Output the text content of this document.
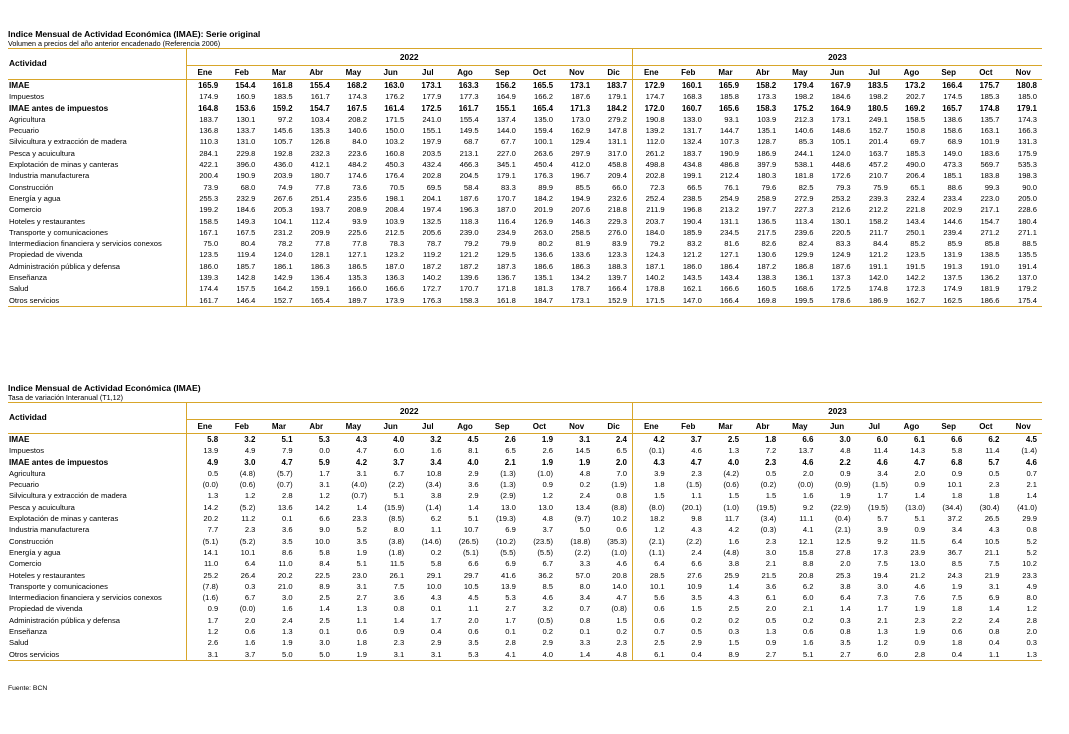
Indice Mensual de Actividad Económica (IMAE): Serie original
Volumen a precios del año anterior encadenado (Referencia 2006)
Actividad	2022												2023										
	Ene	Feb	Mar	Abr	May	Jun	Jul	Ago	Sep	Oct	Nov	Dic	Ene	Feb	Mar	Abr	May	Jun	Jul	Ago	Sep	Oct	Nov
IMAE	165.9	154.4	161.8	155.4	168.2	163.0	173.1	163.3	156.2	165.5	173.1	183.7	172.9	160.1	165.9	158.2	179.4	167.9	183.5	173.2	166.4	175.7	180.8
Impuestos	174.9	160.9	183.5	161.7	174.3	176.2	177.9	177.3	164.9	166.2	187.6	179.1	174.7	168.3	185.8	173.3	198.2	184.6	198.2	202.7	174.5	185.3	185.0
IMAE antes de impuestos	164.8	153.6	159.2	154.7	167.5	161.4	172.5	161.7	155.1	165.4	171.3	184.2	172.0	160.7	165.6	158.3	175.2	164.9	180.5	169.2	165.7	174.8	179.1
Agricultura	183.7	130.1	97.2	103.4	208.2	171.5	241.0	155.4	137.4	135.0	173.0	279.2	190.8	133.0	93.1	103.9	212.3	173.1	249.1	158.5	138.6	135.7	174.3
Pecuario	136.8	133.7	145.6	135.3	140.6	150.0	155.1	149.5	144.0	159.4	162.9	147.8	139.2	131.7	144.7	135.1	140.6	148.6	152.7	150.8	158.6	163.1	166.3
Silvicultura y extracción de madera	110.3	131.0	105.7	126.8	84.0	103.2	197.9	68.7	67.7	100.1	129.4	131.1	112.0	132.4	107.3	128.7	85.3	105.1	201.4	69.7	68.9	101.9	131.3
Pesca y acuicultura	284.1	229.8	192.8	232.3	223.6	160.8	203.5	213.1	227.0	263.6	297.9	317.0	261.2	183.7	190.9	186.9	244.1	124.0	163.7	185.3	149.0	183.6	175.9
Explotación de minas y canteras	422.1	396.0	436.0	412.1	484.2	450.3	432.4	466.3	345.1	450.4	412.0	458.8	498.8	434.8	486.8	397.9	538.1	448.6	457.2	490.0	473.3	569.7	535.3
Industria manufacturera	200.4	190.9	203.9	180.7	174.6	176.4	202.8	204.5	179.1	176.3	196.7	209.4	202.8	199.1	212.4	180.3	181.8	172.6	210.7	206.4	185.1	183.8	198.3
Construcción	73.9	68.0	74.9	77.8	73.6	70.5	69.5	58.4	83.3	89.9	85.5	66.0	72.3	66.5	76.1	79.6	82.5	79.3	75.9	65.1	88.6	99.3	90.0
Energía y agua	255.3	232.9	267.6	251.4	235.6	198.1	204.1	187.6	170.7	184.2	194.9	232.6	252.4	238.5	254.9	258.9	272.9	253.2	239.3	232.4	233.4	223.0	205.0
Comercio	199.2	184.6	205.3	193.7	208.9	208.4	197.4	196.3	187.0	201.9	207.6	218.8	211.9	196.8	213.2	197.7	227.3	212.6	212.2	221.8	202.9	217.1	228.6
Hoteles y restaurantes	158.5	149.3	104.1	112.4	93.9	103.9	132.5	118.3	116.4	126.9	146.3	229.3	203.7	190.4	131.1	136.5	113.4	130.1	158.2	143.4	144.6	154.7	180.4
Transporte y comunicaciones	167.1	167.5	231.2	209.9	225.6	212.5	205.6	239.0	234.9	263.0	258.5	276.0	184.0	185.9	234.5	217.5	239.6	220.5	211.7	250.1	239.4	271.2	271.1
Intermediacion financiera y servicios conexos	75.0	80.4	78.2	77.8	77.8	78.3	78.7	79.2	79.9	80.2	81.9	83.9	79.2	83.2	81.6	82.6	82.4	83.3	84.4	85.2	85.9	85.8	88.5
Propiedad de vivenda	123.5	119.4	124.0	128.1	127.1	123.2	119.2	121.2	129.5	136.6	133.6	123.3	124.3	121.2	127.1	130.6	129.9	124.9	121.2	123.5	131.9	138.5	135.5
Administración pública y defensa	186.0	185.7	186.1	186.3	186.5	187.0	187.2	187.2	187.3	186.6	186.3	188.3	187.1	186.0	186.4	187.2	186.8	187.6	191.1	191.5	191.3	191.0	191.4
Enseñanza	139.3	142.8	142.9	136.4	135.3	136.3	140.2	139.6	136.7	135.1	134.2	139.7	140.2	143.5	143.4	138.3	136.1	137.3	142.0	142.2	137.5	136.2	137.0
Salud	174.4	157.5	164.2	159.1	166.0	166.6	172.7	170.7	171.8	181.3	178.7	166.4	178.8	162.1	166.6	160.5	168.6	172.5	174.8	172.3	174.9	181.9	179.2
Otros servicios	161.7	146.4	152.7	165.4	189.7	173.9	176.3	158.3	161.8	184.7	173.1	152.9	171.5	147.0	166.4	169.8	199.5	178.6	186.9	162.7	162.5	186.6	175.4
Indice Mensual de Actividad Económica (IMAE)
Tasa de variación Interanual (T1,12)
Actividad	2022												2023										
	Ene	Feb	Mar	Abr	May	Jun	Jul	Ago	Sep	Oct	Nov	Dic	Ene	Feb	Mar	Abr	May	Jun	Jul	Ago	Sep	Oct	Nov
IMAE	5.8	3.2	5.1	5.3	4.3	4.0	3.2	4.5	2.6	1.9	3.1	2.4	4.2	3.7	2.5	1.8	6.6	3.0	6.0	6.1	6.6	6.2	4.5
Impuestos	13.9	4.9	7.9	0.0	4.7	6.0	1.6	8.1	6.5	2.6	14.5	6.5	(0.1)	4.6	1.3	7.2	13.7	4.8	11.4	14.3	5.8	11.4	(1.4)
IMAE antes de impuestos	4.9	3.0	4.7	5.9	4.2	3.7	3.4	4.0	2.1	1.9	1.9	2.0	4.3	4.7	4.0	2.3	4.6	2.2	4.6	4.7	6.8	5.7	4.6
Agricultura	0.5	(4.8)	(5.7)	1.7	3.1	6.7	10.8	2.9	(1.3)	(1.0)	4.8	7.0	3.9	2.3	(4.2)	0.5	2.0	0.9	3.4	2.0	0.9	0.5	0.7
Pecuario	(0.0)	(0.6)	(0.7)	3.1	(4.0)	(2.2)	(3.4)	3.6	(1.3)	0.9	0.2	(1.9)	1.8	(1.5)	(0.6)	(0.2)	(0.0)	(0.9)	(1.5)	0.9	10.1	2.3	2.1
Silvicultura y extracción de madera	1.3	1.2	2.8	1.2	(0.7)	5.1	3.8	2.9	(2.9)	1.2	2.4	0.8	1.5	1.1	1.5	1.5	1.6	1.9	1.7	1.4	1.8	1.8	1.4
Pesca y acuicultura	14.2	(5.2)	13.6	14.2	1.4	(15.9)	(1.4)	1.4	13.0	13.0	13.4	(8.8)	(8.0)	(20.1)	(1.0)	(19.5)	9.2	(22.9)	(19.5)	(13.0)	(34.4)	(30.4)	(41.0)
Explotación de minas y canteras	20.2	11.2	0.1	6.6	23.3	(8.5)	6.2	5.1	(19.3)	4.8	(9.7)	10.2	18.2	9.8	11.7	(3.4)	11.1	(0.4)	5.7	5.1	37.2	26.5	29.9
Industria manufacturera	7.7	2.3	3.6	9.0	5.2	8.0	1.1	10.7	6.9	3.7	5.0	0.6	1.2	4.3	4.2	(0.3)	4.1	(2.1)	3.9	0.9	3.4	4.3	0.8
Construcción	(5.1)	(5.2)	3.5	10.0	3.5	(3.8)	(14.6)	(26.5)	(10.2)	(23.5)	(18.8)	(35.3)	(2.1)	(2.2)	1.6	2.3	12.1	12.5	9.2	11.5	6.4	10.5	5.2
Energía y agua	14.1	10.1	8.6	5.8	1.9	(1.8)	0.2	(5.1)	(5.5)	(5.5)	(2.2)	(1.0)	(1.1)	2.4	(4.8)	3.0	15.8	27.8	17.3	23.9	36.7	21.1	5.2
Comercio	11.0	6.4	11.0	8.4	5.1	11.5	5.8	6.6	6.9	6.7	3.3	4.6	6.4	6.6	3.8	2.1	8.8	2.0	7.5	13.0	8.5	7.5	10.2
Hoteles y restaurantes	25.2	26.4	20.2	22.5	23.0	26.1	29.1	29.7	41.6	36.2	57.0	20.8	28.5	27.6	25.9	21.5	20.8	25.3	19.4	21.2	24.3	21.9	23.3
Transporte y comunicaciones	(7.8)	0.3	21.0	8.9	3.1	7.5	10.0	10.5	13.9	8.5	8.0	14.0	10.1	10.9	1.4	3.6	6.2	3.8	3.0	4.6	1.9	3.1	4.9
Intermediacion financiera y servicios conexos	(1.6)	6.7	3.0	2.5	2.7	3.6	4.3	4.5	5.3	4.6	3.4	4.7	5.6	3.5	4.3	6.1	6.0	6.4	7.3	7.6	7.5	6.9	8.0
Propiedad de vivenda	0.9	(0.0)	1.6	1.4	1.3	0.8	0.1	1.1	2.7	3.2	0.7	(0.8)	0.6	1.5	2.5	2.0	2.1	1.4	1.7	1.9	1.8	1.4	1.2
Administración pública y defensa	1.7	2.0	2.4	2.5	1.1	1.4	1.7	2.0	1.7	(0.5)	0.8	1.5	0.6	0.2	0.2	0.5	0.2	0.3	2.1	2.3	2.2	2.4	2.8
Enseñanza	1.2	0.6	1.3	0.1	0.6	0.9	0.4	0.6	0.1	0.2	0.1	0.2	0.7	0.5	0.3	1.3	0.6	0.8	1.3	1.9	0.6	0.8	2.0
Salud	2.6	1.6	1.9	3.0	1.8	2.3	2.9	3.5	2.8	2.9	3.3	2.3	2.5	2.9	1.5	0.9	1.6	3.5	1.2	0.9	1.8	0.4	0.3
Otros servicios	3.1	3.7	5.0	5.0	1.9	3.1	3.1	5.3	4.1	4.0	1.4	4.8	6.1	0.4	8.9	2.7	5.1	2.7	6.0	2.8	0.4	1.1	1.3
Fuente: BCN
